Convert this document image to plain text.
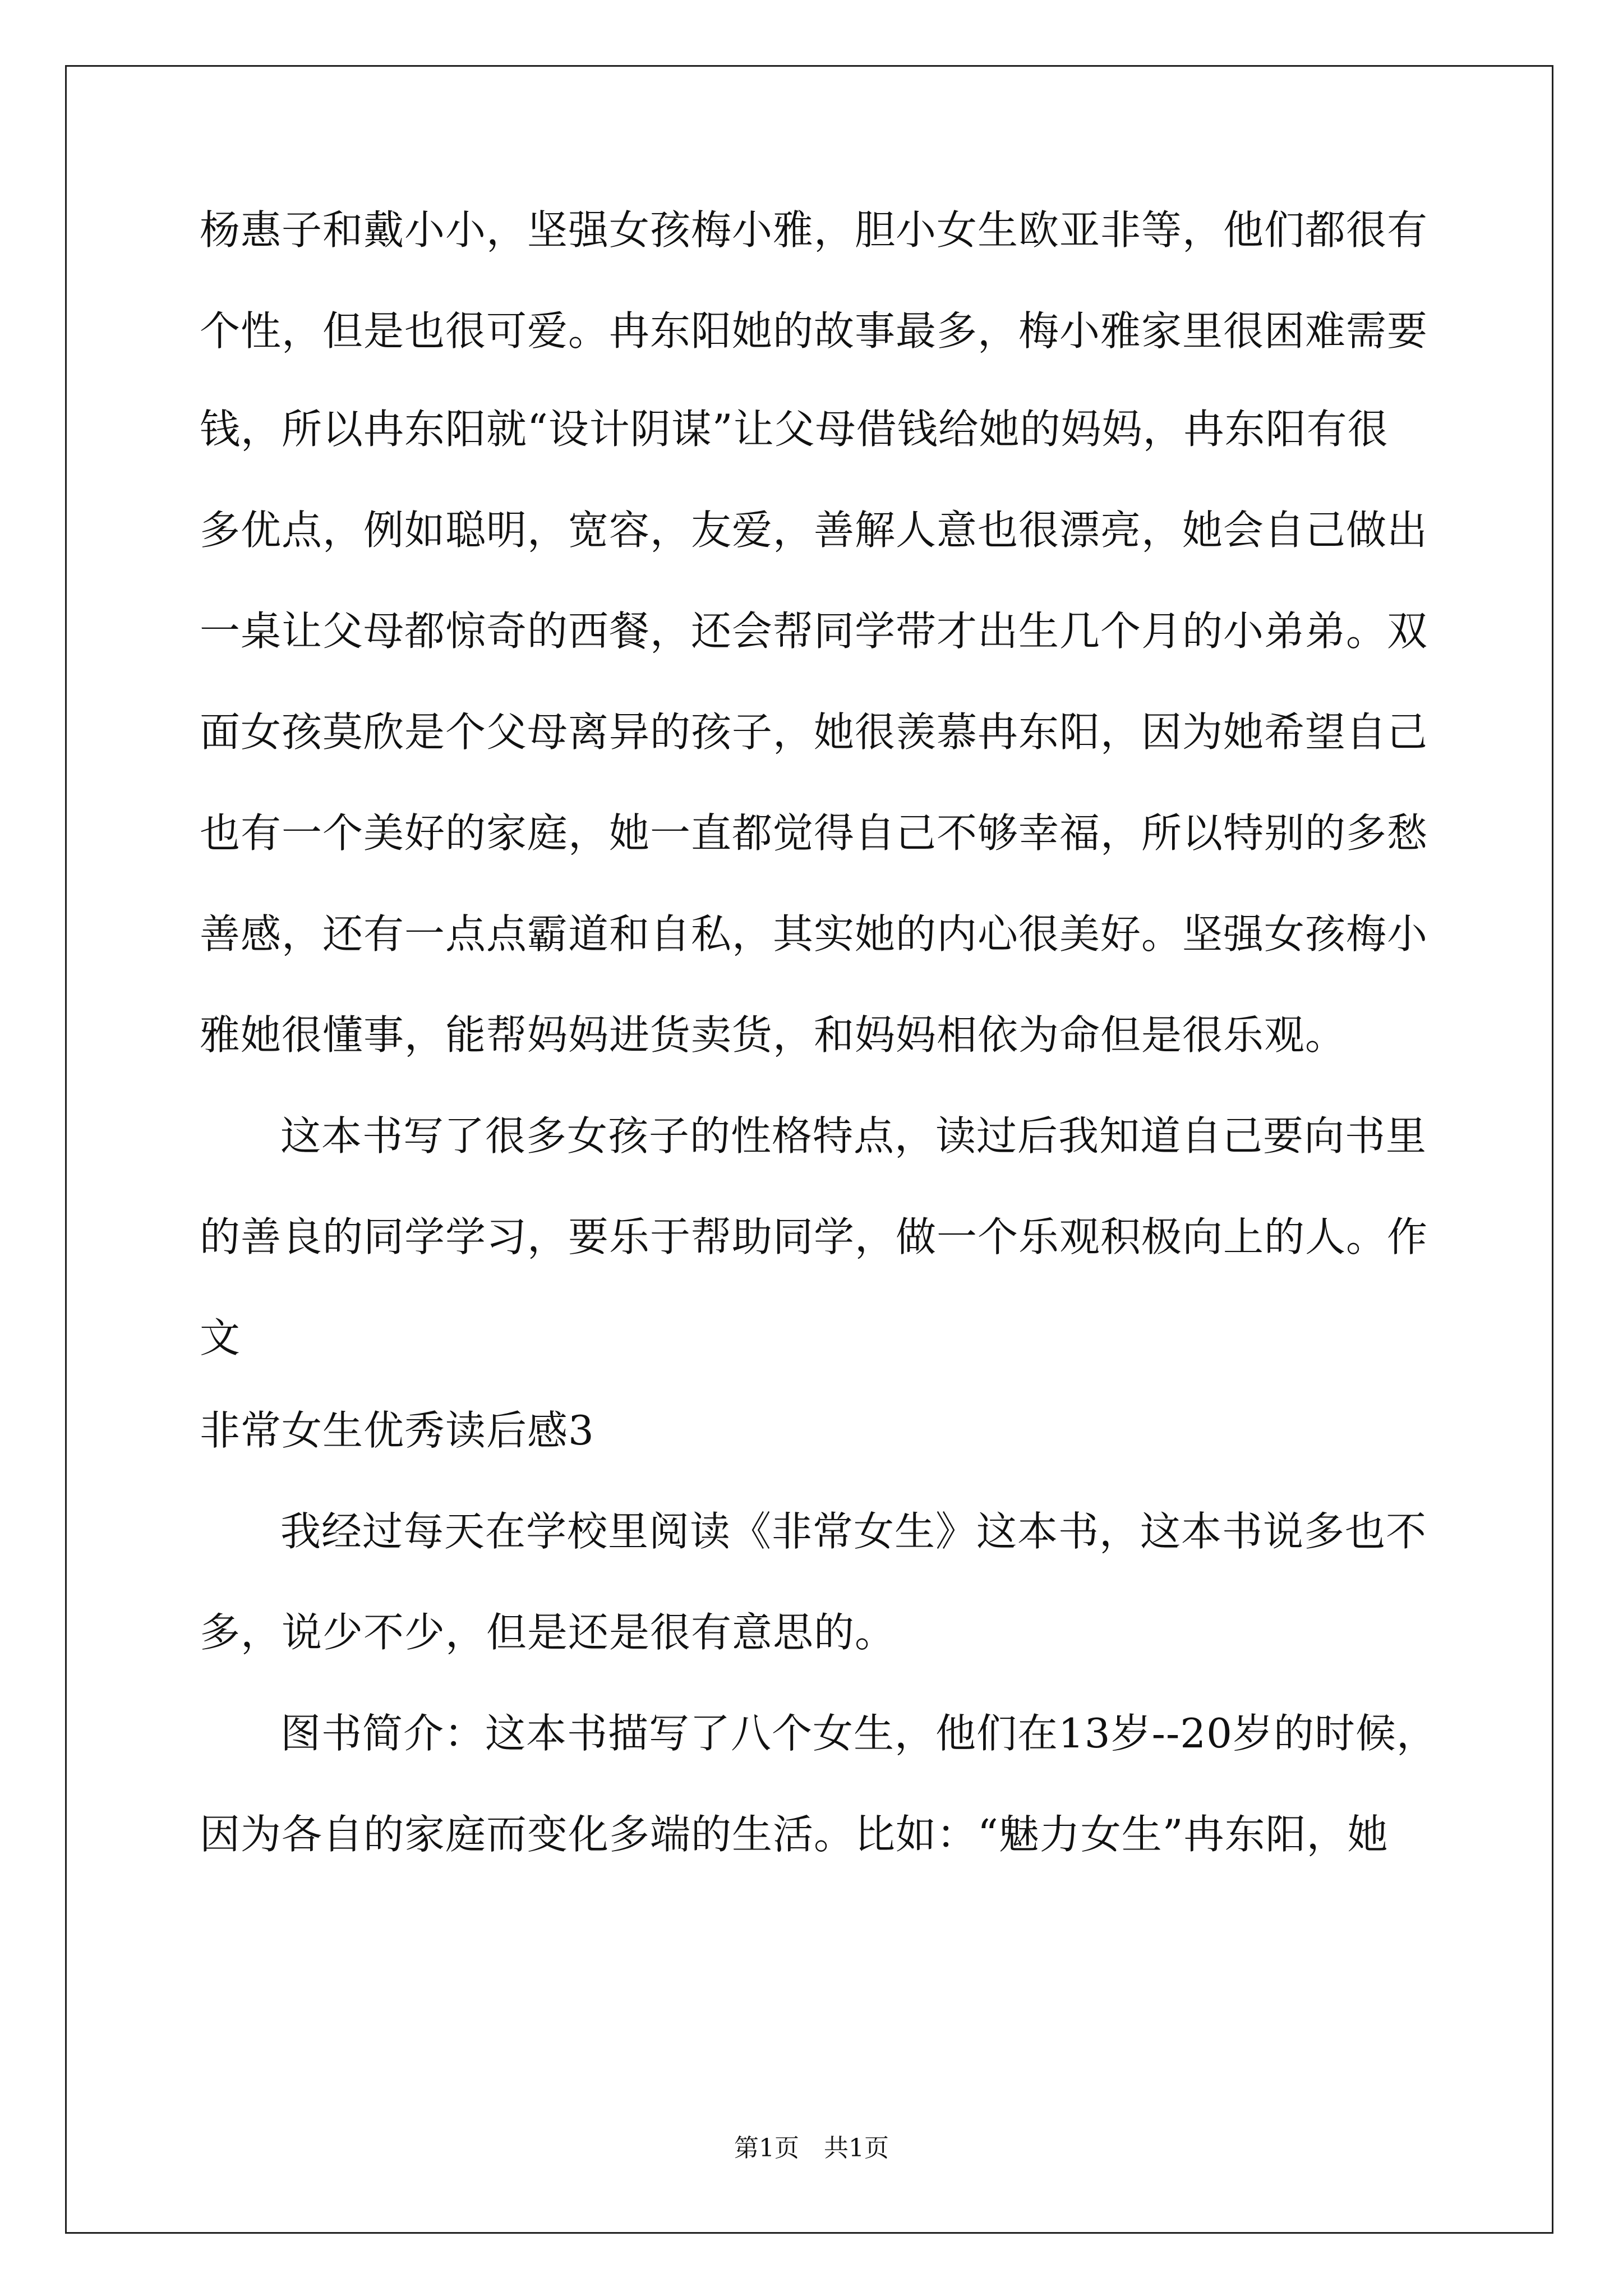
杨惠子和戴小小，坚强女孩梅小雅，胆小女生欧亚非等，他们都很有

个性，但是也很可爱。冉东阳她的故事最多，梅小雅家里很困难需要

钱，所以冉东阳就“设计阴谋”让父母借钱给她的妈妈，冉东阳有很

多优点，例如聪明，宽容，友爱，善解人意也很漂亮，她会自己做出

一桌让父母都惊奇的西餐，还会帮同学带才出生几个月的小弟弟。双

面女孩莫欣是个父母离异的孩子，她很羡慕冉东阳，因为她希望自己

也有一个美好的家庭，她一直都觉得自己不够幸福，所以特别的多愁

善感，还有一点点霸道和自私，其实她的内心很美好。坚强女孩梅小

雅她很懂事，能帮妈妈进货卖货，和妈妈相依为命但是很乐观。

这本书写了很多女孩子的性格特点，读过后我知道自己要向书里

的善良的同学学习，要乐于帮助同学，做一个乐观积极向上的人。作

文

非常女生优秀读后感3

我经过每天在学校里阅读《非常女生》这本书，这本书说多也不

多，说少不少，但是还是很有意思的。

图书简介：这本书描写了八个女生，他们在13岁--20岁的时候，

因为各自的家庭而变化多端的生活。比如：“魅力女生”冉东阳，她

第1页　共1页
